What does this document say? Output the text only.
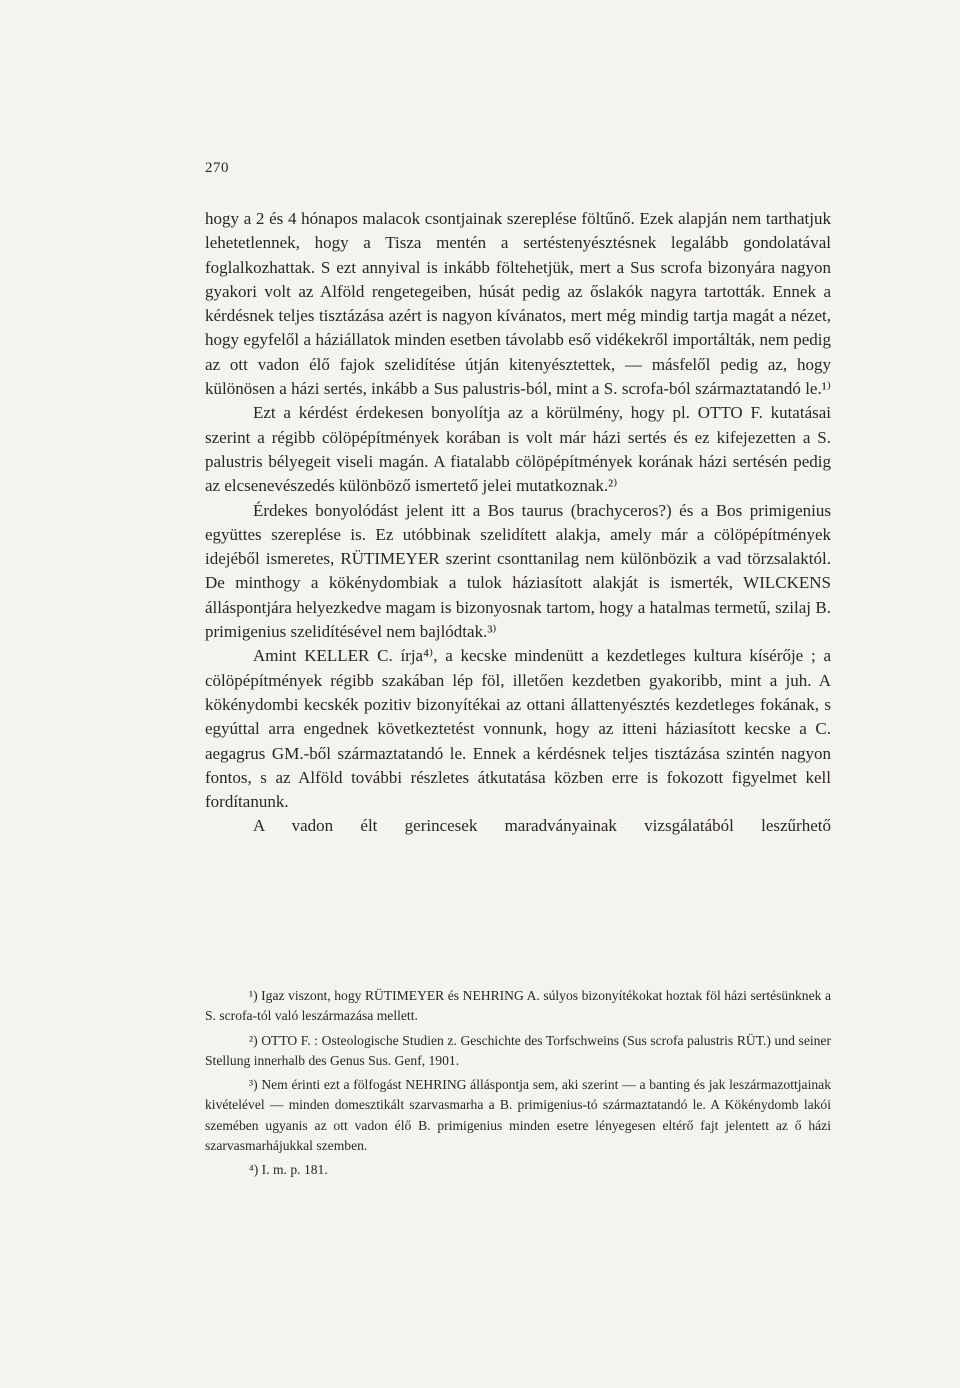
270

hogy a 2 és 4 hónapos malacok csontjainak szereplése föltűnő. Ezek alapján nem tarthatjuk lehetetlennek, hogy a Tisza mentén a sertéstenyésztésnek legalább gondolatával foglalkozhattak. S ezt annyival is inkább föltehetjük, mert a Sus scrofa bizonyára nagyon gyakori volt az Alföld rengetegeiben, húsát pedig az őslakók nagyra tartották. Ennek a kérdésnek teljes tisztázása azért is nagyon kívánatos, mert még mindig tartja magát a nézet, hogy egyfelől a háziállatok minden esetben távolabb eső vidékekről importálták, nem pedig az ott vadon élő fajok szelidítése útján kitenyésztettek, — másfelől pedig az, hogy különösen a házi sertés, inkább a Sus palustris-ból, mint a S. scrofa-ból származtatandó le.¹⁾

Ezt a kérdést érdekesen bonyolítja az a körülmény, hogy pl. OTTO F. kutatásai szerint a régibb cölöpépítmények korában is volt már házi sertés és ez kifejezetten a S. palustris bélyegeit viseli magán. A fiatalabb cölöpépítmények korának házi sertésén pedig az elcsenevészedés különböző ismertető jelei mutatkoznak.²⁾

Érdekes bonyolódást jelent itt a Bos taurus (brachyceros?) és a Bos primigenius együttes szereplése is. Ez utóbbinak szelidített alakja, amely már a cölöpépítmények idejéből ismeretes, RÜTIMEYER szerint csonttanilag nem különbözik a vad törzsalaktól. De minthogy a kökénydombiak a tulok háziasított alakját is ismerték, WILCKENS álláspontjára helyezkedve magam is bizonyosnak tartom, hogy a hatalmas termetű, szilaj B. primigenius szelidítésével nem bajlódtak.³⁾

Amint KELLER C. írja⁴⁾, a kecske mindenütt a kezdetleges kultura kísérője ; a cölöpépítmények régibb szakában lép föl, illetően kezdetben gyakoribb, mint a juh. A kökénydombi kecskék pozitiv bizonyítékai az ottani állattenyésztés kezdetleges fokának, s egyúttal arra engednek következtetést vonnunk, hogy az itteni háziasított kecske a C. aegagrus GM.-ből származtatandó le. Ennek a kérdésnek teljes tisztázása szintén nagyon fontos, s az Alföld további részletes átkutatása közben erre is fokozott figyelmet kell fordítanunk.

A vadon élt gerincesek maradványainak vizsgálatából leszűrhető

¹) Igaz viszont, hogy RÜTIMEYER és NEHRING A. súlyos bizonyítékokat hoztak föl házi sertésünknek a S. scrofa-tól való leszármazása mellett.

²) OTTO F. : Osteologische Studien z. Geschichte des Torfschweins (Sus scrofa palustris RÜT.) und seiner Stellung innerhalb des Genus Sus. Genf, 1901.

³) Nem érinti ezt a fölfogást NEHRING álláspontja sem, aki szerint — a banting és jak leszármazottjainak kivételével — minden domesztikált szarvasmarha a B. primigenius-tó származtatandó le. A Kökénydomb lakói szemében ugyanis az ott vadon élő B. primigenius minden esetre lényegesen eltérő fajt jelentett az ő házi szarvasmarhájukkal szemben.

⁴) I. m. p. 181.
